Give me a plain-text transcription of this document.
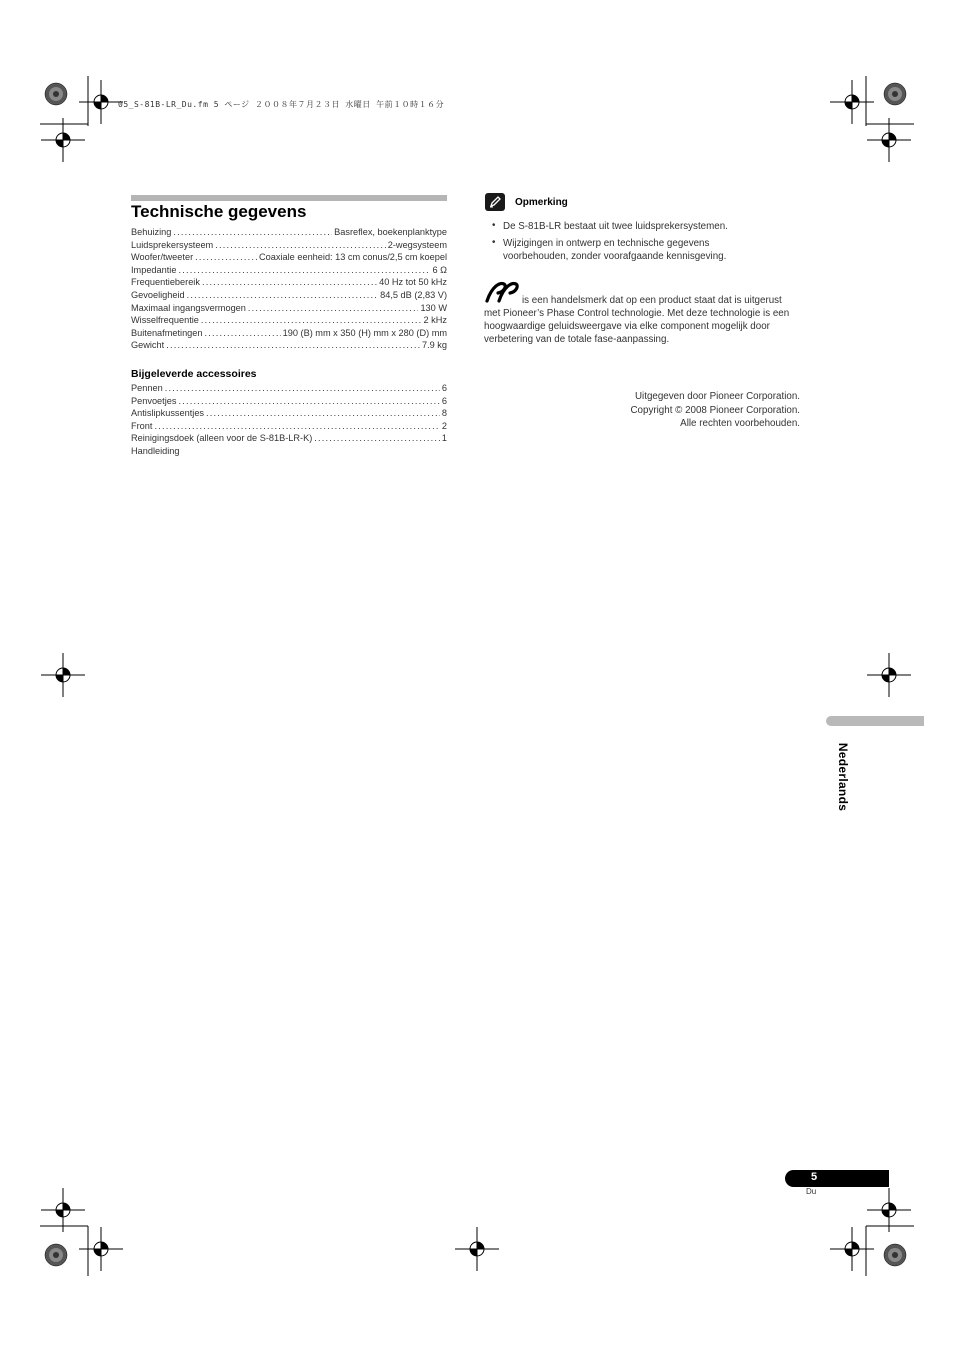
05_S-81B-LR_Du.fm 5 ページ ２００８年７月２３日 水曜日 午前１０時１６分
Technische gegevens
Behuizing .....	Basreflex, boekenplanktype
Luidsprekersysteem .....	2-wegsysteem
Woofer/tweeter .....	Coaxiale eenheid: 13 cm conus/2,5 cm koepel
Impedantie .....	6 Ω
Frequentiebereik .....	40 Hz tot 50 kHz
Gevoeligheid .....	84,5 dB (2,83 V)
Maximaal ingangsvermogen .....	130 W
Wisselfrequentie .....	2 kHz
Buitenafmetingen .....	190 (B) mm x 350 (H) mm x 280 (D) mm
Gewicht .....	7.9 kg
Bijgeleverde accessoires
Pennen .....	6
Penvoetjes .....	6
Antislipkussentjes .....	8
Front .....	2
Reinigingsdoek (alleen voor de S-81B-LR-K) .....	1
Handleiding
Opmerking
• De S-81B-LR bestaat uit twee luidsprekersystemen.
• Wijzigingen in ontwerp en technische gegevens voorbehouden, zonder voorafgaande kennisgeving.
is een handelsmerk dat op een product staat dat is uitgerust met Pioneer’s Phase Control technologie. Met deze technologie is een hoogwaardige geluidsweergave via elke component mogelijk door verbetering van de totale fase-aanpassing.
Uitgegeven door Pioneer Corporation.
Copyright © 2008 Pioneer Corporation.
Alle rechten voorbehouden.
Nederlands
5
Du
